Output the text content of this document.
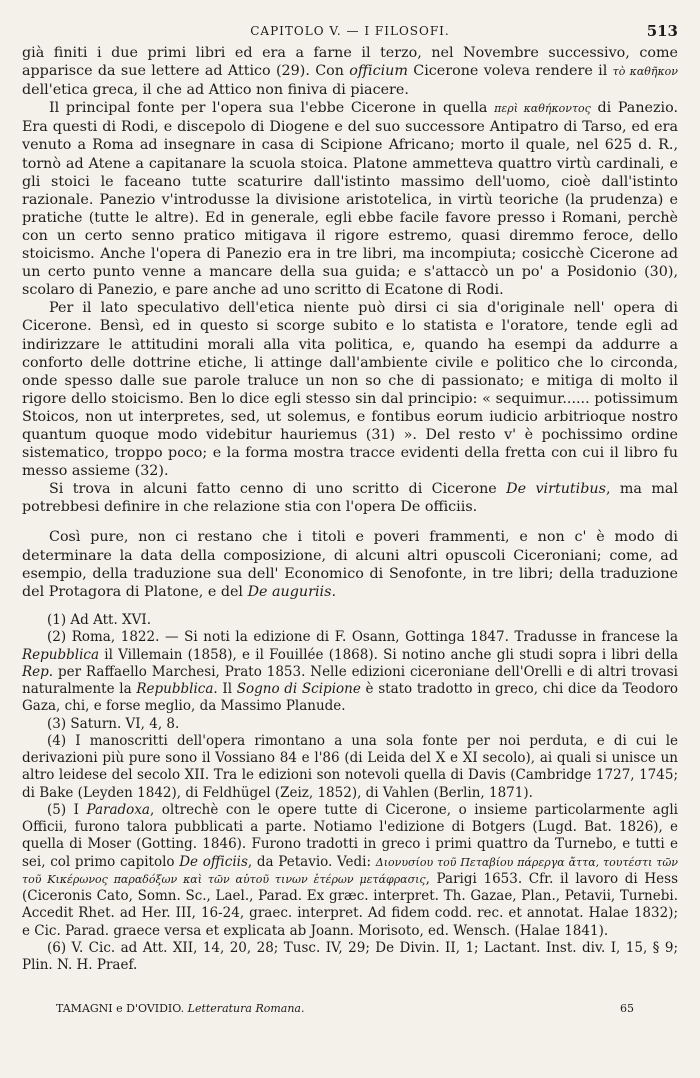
CAPITOLO V. — I FILOSOFI.	513

già finiti i due primi libri ed era a farne il terzo, nel Novembre successivo, come apparisce da sue lettere ad Attico (29). Con officium Cicerone voleva rendere il τὸ καθῆκον dell'etica greca, il che ad Attico non finiva di piacere.

Il principal fonte per l'opera sua l'ebbe Cicerone in quella περὶ καθήκοντος di Panezio. Era questi di Rodi, e discepolo di Diogene e del suo successore Antipatro di Tarso, ed era venuto a Roma ad insegnare in casa di Scipione Africano; morto il quale, nel 625 d. R., tornò ad Atene a capitanare la scuola stoica. Platone ammetteva quattro virtù cardinali, e gli stoici le faceano tutte scaturire dall'istinto massimo dell'uomo, cioè dall'istinto razionale. Panezio v'introdusse la divisione aristotelica, in virtù teoriche (la prudenza) e pratiche (tutte le altre). Ed in generale, egli ebbe facile favore presso i Romani, perchè con un certo senno pratico mitigava il rigore estremo, quasi diremmo feroce, dello stoicismo. Anche l'opera di Panezio era in tre libri, ma incompiuta; cosicchè Cicerone ad un certo punto venne a mancare della sua guida; e s'attaccò un po' a Posidonio (30), scolaro di Panezio, e pare anche ad uno scritto di Ecatone di Rodi.

Per il lato speculativo dell'etica niente può dirsi ci sia d'originale nell' opera di Cicerone. Bensì, ed in questo si scorge subito e lo statista e l'oratore, tende egli ad indirizzare le attitudini morali alla vita politica, e, quando ha esempi da addurre a conforto delle dottrine etiche, li attinge dall'ambiente civile e politico che lo circonda, onde spesso dalle sue parole traluce un non so che di passionato; e mitiga di molto il rigore dello stoicismo. Ben lo dice egli stesso sin dal principio: « sequimur...... potissimum Stoicos, non ut interpretes, sed, ut solemus, e fontibus eorum iudicio arbitrioque nostro quantum quoque modo videbitur hauriemus (31) ». Del resto v' è pochissimo ordine sistematico, troppo poco; e la forma mostra tracce evidenti della fretta con cui il libro fu messo assieme (32).

Si trova in alcuni fatto cenno di uno scritto di Cicerone De virtutibus, ma mal potrebbesi definire in che relazione stia con l'opera De officiis.

Così pure, non ci restano che i titoli e poveri frammenti, e non c' è modo di determinare la data della composizione, di alcuni altri opuscoli Ciceroniani; come, ad esempio, della traduzione sua dell' Economico di Senofonte, in tre libri; della traduzione del Protagora di Platone, e del De auguriis.

(1) Ad Att. XVI.

(2) Roma, 1822. — Si noti la edizione di F. Osann, Gottinga 1847. Tradusse in francese la Repubblica il Villemain (1858), e il Fouillée (1868). Si notino anche gli studi sopra i libri della Rep. per Raffaello Marchesi, Prato 1853. Nelle edizioni ciceroniane dell'Orelli e di altri trovasi naturalmente la Repubblica. Il Sogno di Scipione è stato tradotto in greco, chi dice da Teodoro Gaza, chi, e forse meglio, da Massimo Planude.

(3) Saturn. VI, 4, 8.

(4) I manoscritti dell'opera rimontano a una sola fonte per noi perduta, e di cui le derivazioni più pure sono il Vossiano 84 e l'86 (di Leida del X e XI secolo), ai quali si unisce un altro leidese del secolo XII. Tra le edizioni son notevoli quella di Davis (Cambridge 1727, 1745; di Bake (Leyden 1842), di Feldhügel (Zeiz, 1852), di Vahlen (Berlin, 1871).

(5) I Paradoxa, oltrechè con le opere tutte di Cicerone, o insieme particolarmente agli Officii, furono talora pubblicati a parte. Notiamo l'edizione di Botgers (Lugd. Bat. 1826), e quella di Moser (Gotting. 1846). Furono tradotti in greco i primi quattro da Turnebo, e tutti e sei, col primo capitolo De officiis, da Petavio. Vedi: Διονυσίου τοῦ Πεταβίου πάρεργα ἄττα, τουτέστι τῶν τοῦ Κικέρωνος παραδόξων καὶ τῶν αὐτοῦ τινων ἑτέρων μετάφρασις, Parigi 1653. Cfr. il lavoro di Hess (Ciceronis Cato, Somn. Sc., Lael., Parad. Ex græc. interpret. Th. Gazae, Plan., Petavii, Turnebi. Accedit Rhet. ad Her. III, 16-24, graec. interpret. Ad fidem codd. rec. et annotat. Halae 1832); e Cic. Parad. graece versa et explicata ab Joann. Morisoto, ed. Wensch. (Halae 1841).

(6) V. Cic. ad Att. XII, 14, 20, 28; Tusc. IV, 29; De Divin. II, 1; Lactant. Inst. div. I, 15, § 9; Plin. N. H. Praef.

TAMAGNI e D'OVIDIO. Letteratura Romana.	65
